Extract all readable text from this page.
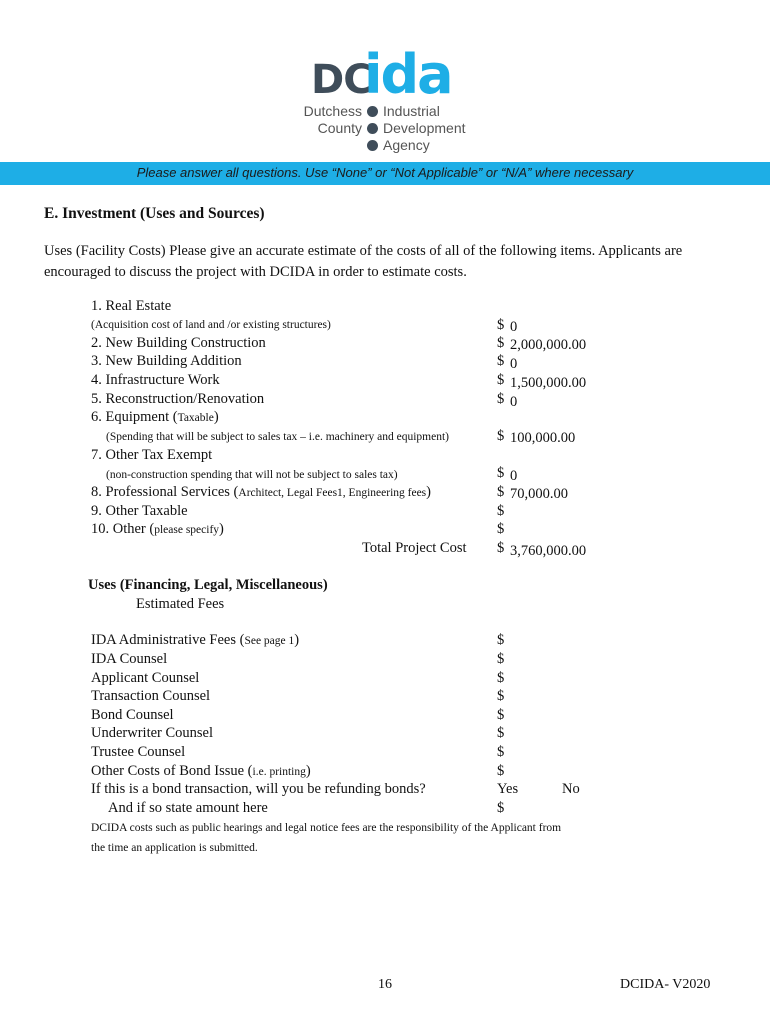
DC
ida
Dutchess Industrial
County Development
Agency
Please answer all questions. Use “None” or “Not Applicable” or “N/A” where necessary
E. Investment (Uses and Sources)
Uses (Facility Costs) Please give an accurate estimate of the costs of all of the following items. Applicants are encouraged to discuss the project with DCIDA in order to estimate costs.
1. Real Estate
(Acquisition cost of land and /or existing structures)	$ 0
2. New Building Construction	$ 2,000,000.00
3. New Building Addition	$ 0
4. Infrastructure Work	$ 1,500,000.00
5. Reconstruction/Renovation	$ 0
6. Equipment (Taxable)
(Spending that will be subject to sales tax – i.e. machinery and equipment)	$ 100,000.00
7. Other Tax Exempt
(non-construction spending that will not be subject to sales tax)	$ 0
8. Professional Services (Architect, Legal Fees1, Engineering fees)	$ 70,000.00
9. Other Taxable	$
10. Other (please specify)	$
Total Project Cost $ 3,760,000.00
Uses (Financing, Legal, Miscellaneous)
Estimated Fees
IDA Administrative Fees (See page 1)	$
IDA Counsel	$
Applicant Counsel	$
Transaction Counsel	$
Bond Counsel	$
Underwriter Counsel	$
Trustee Counsel	$
Other Costs of Bond Issue (i.e. printing)	$
If this is a bond transaction, will you be refunding bonds?	Yes	No
And if so state amount here	$
DCIDA costs such as public hearings and legal notice fees are the responsibility of the Applicant from
the time an application is submitted.
16	DCIDA- V2020
